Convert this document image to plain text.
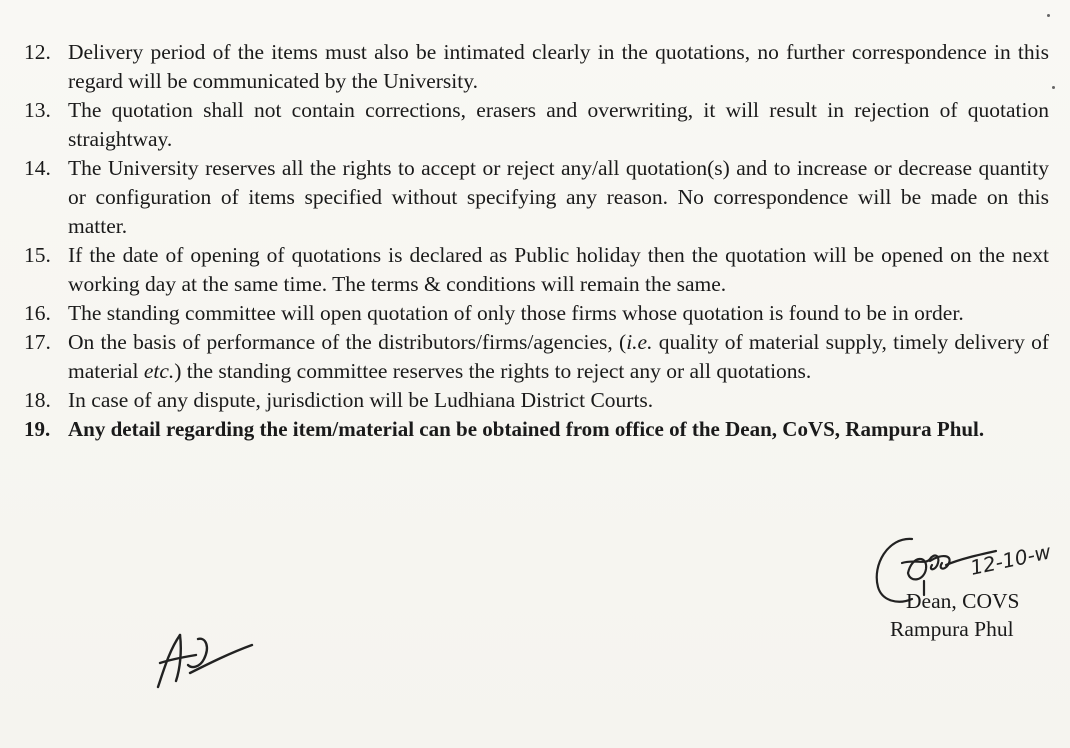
12. Delivery period of the items must also be intimated clearly in the quotations, no further correspondence in this regard will be communicated by the University.
13. The quotation shall not contain corrections, erasers and overwriting, it will result in rejection of quotation straightway.
14. The University reserves all the rights to accept or reject any/all quotation(s) and to increase or decrease quantity or configuration of items specified without specifying any reason. No correspondence will be made on this matter.
15. If the date of opening of quotations is declared as Public holiday then the quotation will be opened on the next working day at the same time. The terms & conditions will remain the same.
16. The standing committee will open quotation of only those firms whose quotation is found to be in order.
17. On the basis of performance of the distributors/firms/agencies, (i.e. quality of material supply, timely delivery of material etc.) the standing committee reserves the rights to reject any or all quotations.
18. In case of any dispute, jurisdiction will be Ludhiana District Courts.
19. Any detail regarding the item/material can be obtained from office of the Dean, CoVS, Rampura Phul.
12-10-w
Dean, COVS
Rampura Phul
AJ
